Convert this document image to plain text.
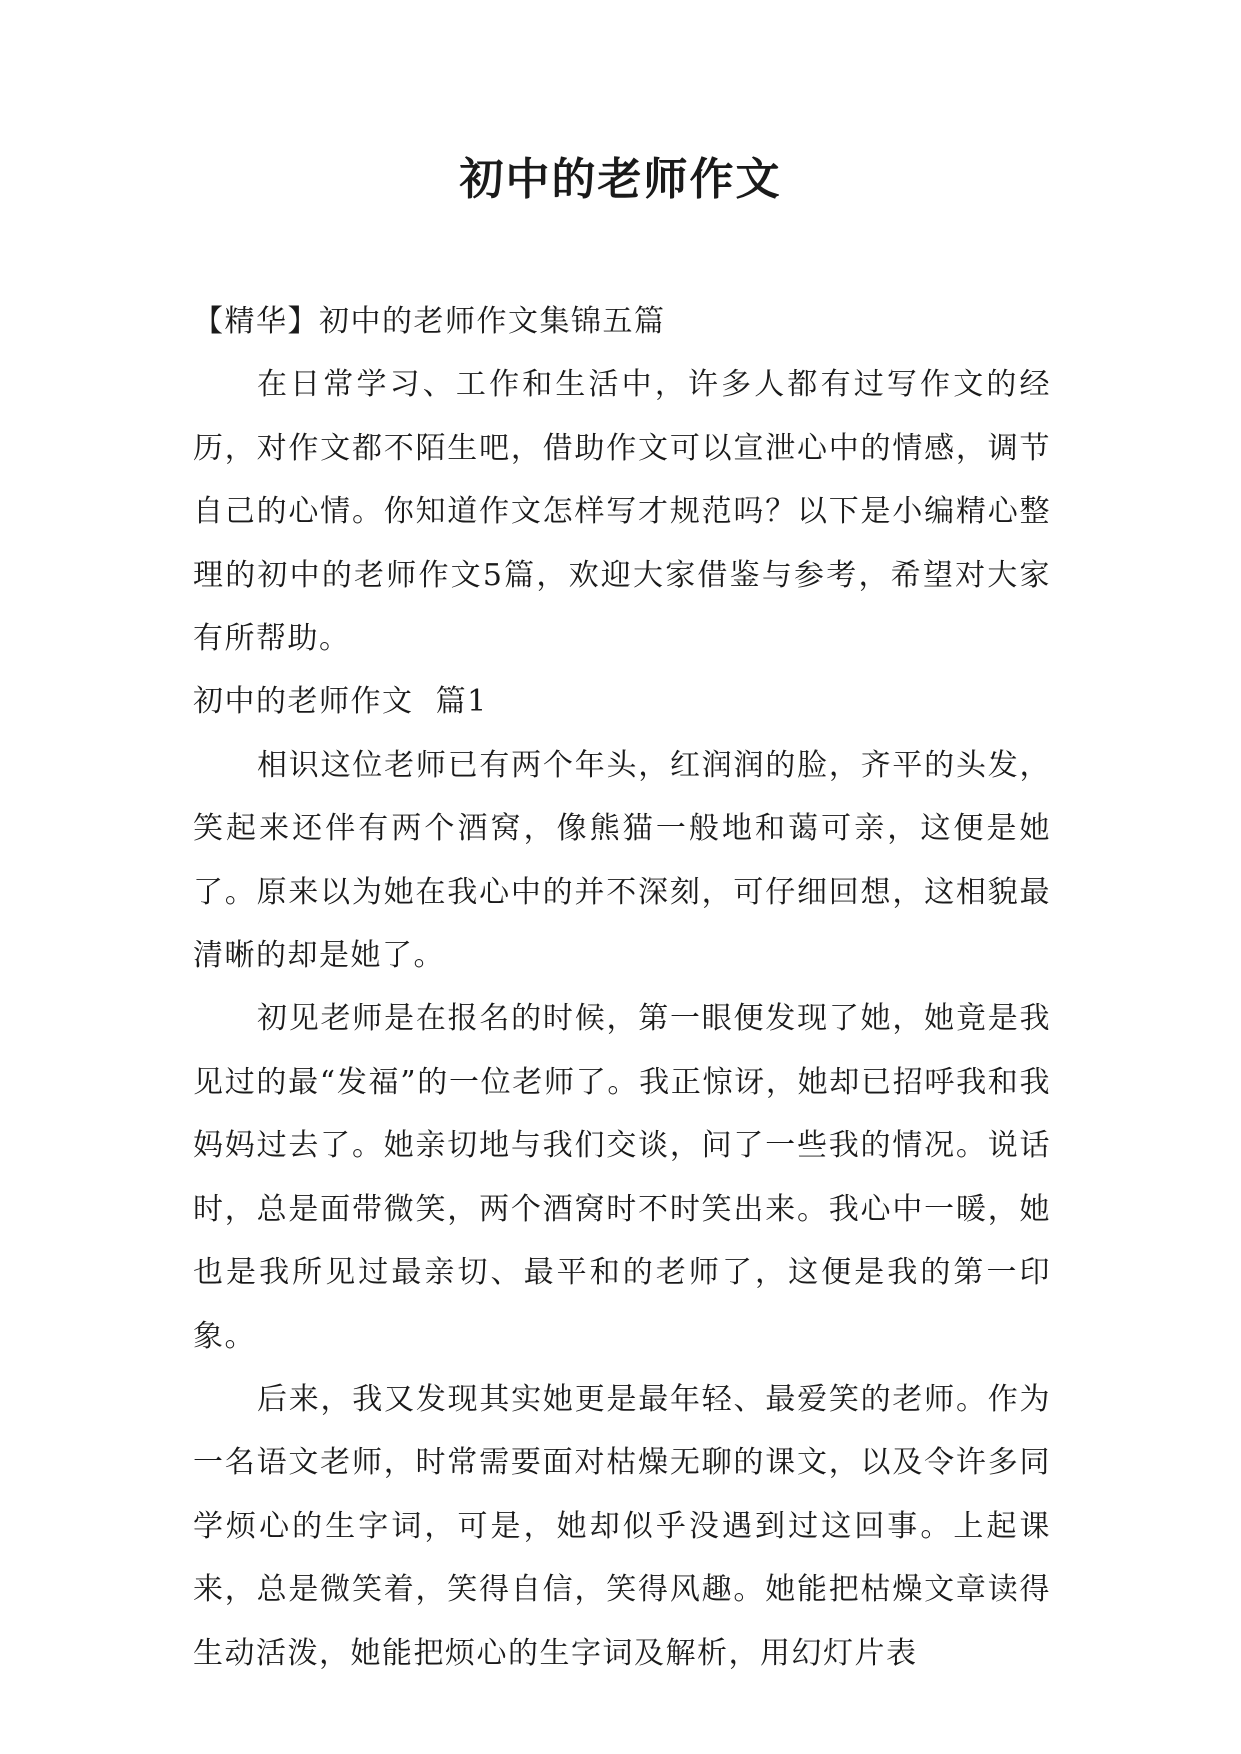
初中的老师作文

【精华】初中的老师作文集锦五篇

在日常学习、工作和生活中，许多人都有过写作文的经历，对作文都不陌生吧，借助作文可以宣泄心中的情感，调节自己的心情。你知道作文怎样写才规范吗？以下是小编精心整理的初中的老师作文5篇，欢迎大家借鉴与参考，希望对大家有所帮助。

初中的老师作文  篇1

相识这位老师已有两个年头，红润润的脸，齐平的头发，笑起来还伴有两个酒窝，像熊猫一般地和蔼可亲，这便是她了。原来以为她在我心中的并不深刻，可仔细回想，这相貌最清晰的却是她了。

初见老师是在报名的时候，第一眼便发现了她，她竟是我见过的最“发福”的一位老师了。我正惊讶，她却已招呼我和我妈妈过去了。她亲切地与我们交谈，问了一些我的情况。说话时，总是面带微笑，两个酒窝时不时笑出来。我心中一暖，她也是我所见过最亲切、最平和的老师了，这便是我的第一印象。

后来，我又发现其实她更是最年轻、最爱笑的老师。作为一名语文老师，时常需要面对枯燥无聊的课文，以及令许多同学烦心的生字词，可是，她却似乎没遇到过这回事。上起课来，总是微笑着，笑得自信，笑得风趣。她能把枯燥文章读得生动活泼，她能把烦心的生字词及解析，用幻灯片表
